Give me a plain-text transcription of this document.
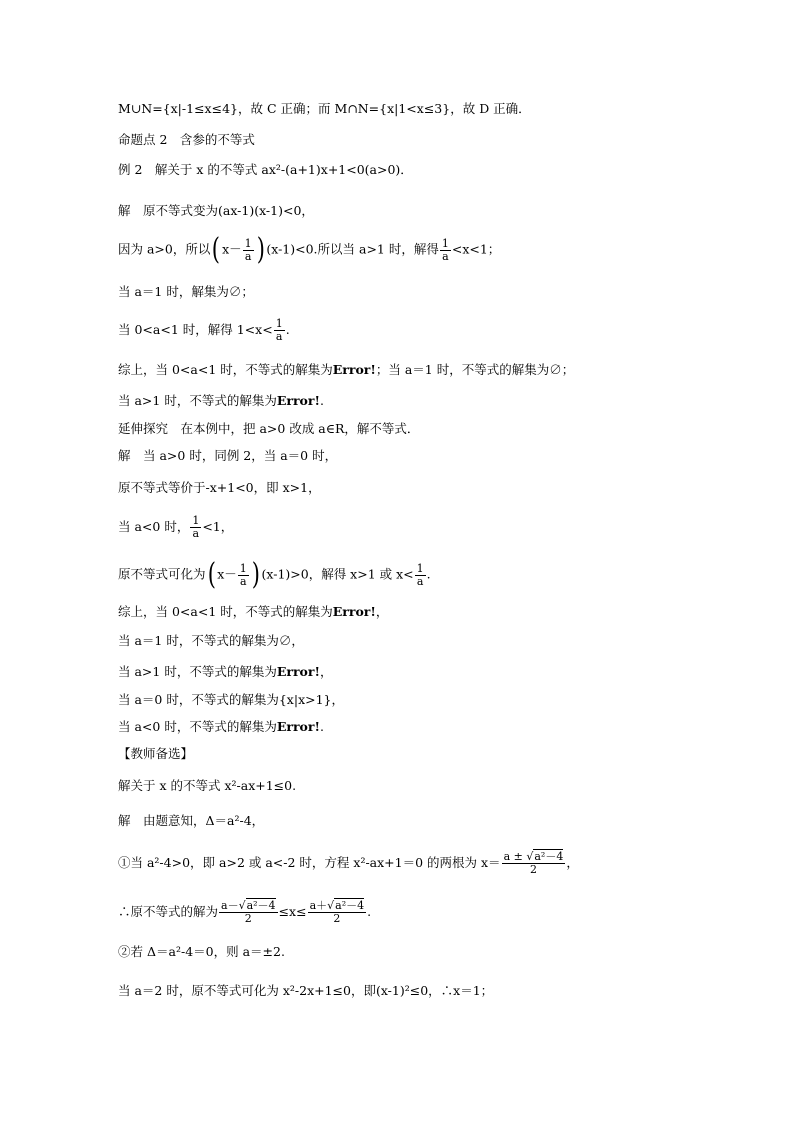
M∪N={x|-1≤x≤4}，故 C 正确；而 M∩N={x|1<x≤3}，故 D 正确．
命题点 2　含参的不等式
例 2　解关于 x 的不等式 ax²-(a+1)x+1<0(a>0)．
解　原不等式变为(ax-1)(x-1)<0，
因为 a>0，所以( $x- \frac{1}{a}$ ) (x-1)<0.所以当 a>1 时，解得 $\frac{1}{a} <x<1$；
当 a＝1 时，解集为∅；
当 0<a<1 时，解得 $1<x< \frac{1}{a}$ .
综上，当 0<a<1 时，不等式的解集为Error!；当 a＝1 时，不等式的解集为∅；
当 a>1 时，不等式的解集为Error!.
延伸探究　在本例中，把 a>0 改成 a∈R，解不等式．
解　当 a>0 时，同例 2，当 a＝0 时，
原不等式等价于-x+1<0，即 x>1，
当 a<0 时， $\frac{1}{a} <1$，
原不等式可化为( $x- \frac{1}{a}$ ) (x-1)>0，解得 x>1 或 $x< \frac{1}{a}$ .
综上，当 0<a<1 时，不等式的解集为Error!，
当 a＝1 时，不等式的解集为∅，
当 a>1 时，不等式的解集为Error!，
当 a＝0 时，不等式的解集为{x|x>1}，
当 a<0 时，不等式的解集为Error!.
【教师备选】
解关于 x 的不等式 x²-ax+1≤0.
解　由题意知，Δ＝a²-4，
①当 a²-4>0，即 a>2 或 a<-2 时，方程 x²-ax+1＝0 的两根为 $x= \frac{\text{a ± √a²－4}}{2}$ ，
∴原不等式的解为 $\frac{\text{a－√a²－4}}{2} \le x\le \frac{\text{a＋√a²－4}}{2}$ .
②若 Δ＝a²-4＝0，则 a＝±2.
当 a＝2 时，原不等式可化为 x²-2x+1≤0，即(x-1)²≤0，∴x＝1；
